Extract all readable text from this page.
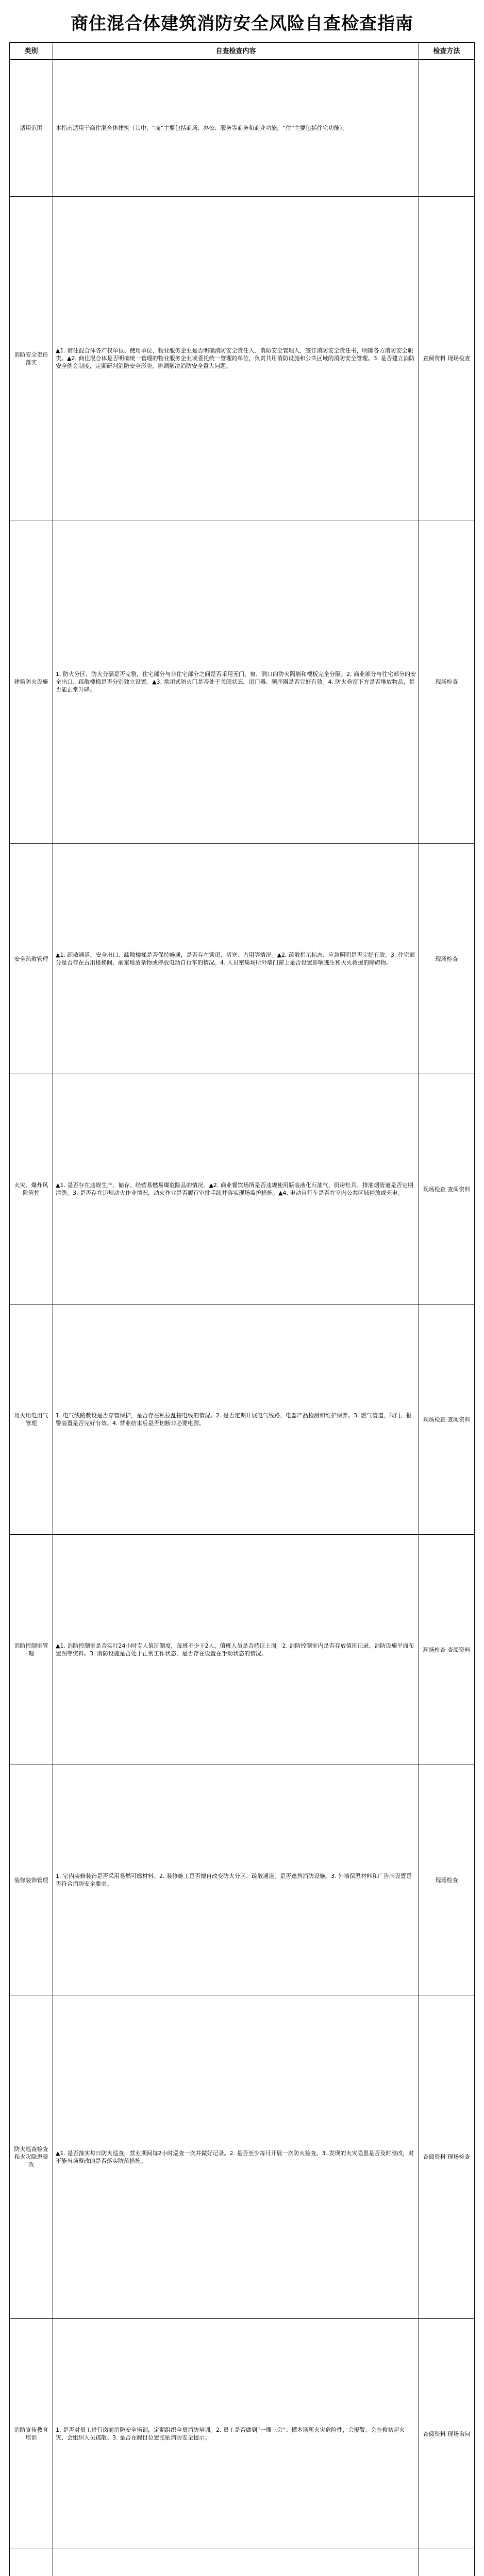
商住混合体建筑消防安全风险自查检查指南
类别	自查检查内容	检查方法
适用范围	本指南适用于商住混合体建筑（其中，“商”主要包括商场、办公、服务等商务和商业功能，“住”主要包括住宅功能）。	
消防安全责任落实	▲1. 商住混合体各产权单位、使用单位、物业服务企业是否明确消防安全责任人、消防安全管理人，签订消防安全责任书，明确各方消防安全职责。▲2. 商住混合体是否明确统一管理的物业服务企业或委托统一管理的单位，负责共用消防设施和公共区域的消防安全管理。3. 是否建立消防安全例会制度，定期研判消防安全形势，协调解决消防安全重大问题。	查阅资料 现场检查
建筑防火设施	1. 防火分区、防火分隔是否完整，住宅部分与非住宅部分之间是否采用无门、窗、洞口的防火隔墙和楼板完全分隔。2. 商业部分与住宅部分的安全出口、疏散楼梯是否分别独立设置。▲3. 常闭式防火门是否处于关闭状态，闭门器、顺序器是否完好有效。4. 防火卷帘下方是否堆放物品，是否能正常升降。	现场检查
安全疏散管理	▲1. 疏散通道、安全出口、疏散楼梯是否保持畅通，是否存在锁闭、堵塞、占用等情况。▲2. 疏散指示标志、应急照明是否完好有效。3. 住宅部分是否存在占用楼梯间、前室堆放杂物或停放电动自行车的情况。4. 人员密集场所外墙门窗上是否设置影响逃生和灭火救援的障碍物。	现场检查
火灾、爆炸风险管控	▲1. 是否存在违规生产、储存、经营易燃易爆危险品的情况。▲2. 商业餐饮场所是否违规使用瓶装液化石油气，厨房灶具、排油烟管道是否定期清洗。3. 是否存在违规动火作业情况，动火作业是否履行审批手续并落实现场监护措施。▲4. 电动自行车是否在室内公共区域停放或充电。	现场检查 查阅资料
用火用电用气管理	1. 电气线路敷设是否穿管保护，是否存在私拉乱接电线的情况。2. 是否定期开展电气线路、电器产品检测和维护保养。3. 燃气管道、阀门、报警装置是否完好有效。4. 营业结束后是否切断非必要电源。	现场检查 查阅资料
消防控制室管理	▲1. 消防控制室是否实行24小时专人值班制度，每班不少于2人，值班人员是否持证上岗。2. 消防控制室内是否存放值班记录、消防设施平面布置图等资料。3. 消防设施是否处于正常工作状态，是否存在设置在手动状态的情况。	现场检查 查阅资料
装修装饰管理	1. 室内装修装饰是否采用易燃可燃材料。2. 装修施工是否擅自改变防火分区、疏散通道，是否遮挡消防设施。3. 外墙保温材料和广告牌设置是否符合消防安全要求。	现场检查
防火巡查检查和火灾隐患整改	▲1. 是否落实每日防火巡查，营业期间每2小时巡查一次并做好记录。2. 是否至少每月开展一次防火检查。3. 发现的火灾隐患是否及时整改，对不能当场整改的是否落实防范措施。	查阅资料 现场检查
消防宣传教育培训	1. 是否对员工进行岗前消防安全培训，定期组织全员消防培训。2. 员工是否做到“一懂三会”：懂本场所火灾危险性，会报警、会扑救初起火灾、会组织人员疏散。3. 是否在醒目位置张贴消防安全提示。	查阅资料 现场询问
